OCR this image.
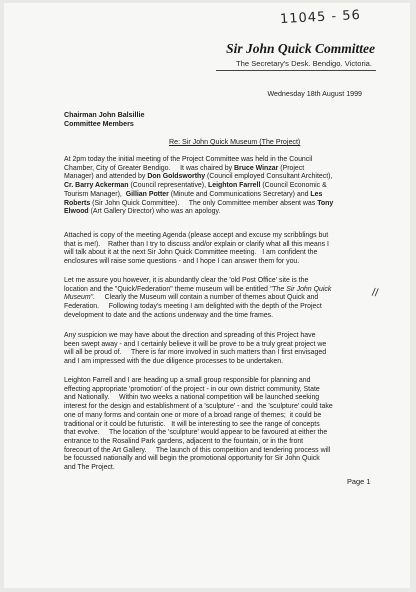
11045 - 56
Sir John Quick Committee
The Secretary's Desk. Bendigo. Victoria.
Wednesday 18th August 1999
Chairman John Balsillie
Committee Members
Re: Sir John Quick Museum (The Project)
At 2pm today the initial meeting of the Project Committee was held in the Council
Chamber, City of Greater Bendigo.     It was chaired by Bruce Winzar (Project
Manager) and attended by Don Goldsworthy (Council employed Consultant Architect),
Cr. Barry Ackerman (Council representative), Leighton Farrell (Council Economic &
Tourism Manager),  Gillian Potter (Minute and Communications Secretary) and Les
Roberts (Sir John Quick Committee).     The only Committee member absent was Tony
Elwood (Art Gallery Director) who was an apology.
Attached is copy of the meeting Agenda (please accept and excuse my scribblings but
that is me!).    Rather than I try to discuss and/or explain or clarify what all this means I
will talk about it at the next Sir John Quick Committee meeting.   I am confident the
enclosures will raise some questions - and I hope I can answer them for you.
Let me assure you however, it is abundantly clear the 'old Post Office' site is the
location and the "Quick/Federation" theme museum will be entitled "The Sir John Quick
Museum".     Clearly the Museum will contain a number of themes about Quick and
Federation.     Following today's meeting I am delighted with the depth of the Project
development to date and the actions underway and the time frames.
Any suspicion we may have about the direction and spreading of this Project have
been swept away - and I certainly believe it will be prove to be a truly great project we
will all be proud of.     There is far more involved in such matters than I first envisaged
and I am impressed with the due diligence processes to be undertaken.
Leighton Farrell and I are heading up a small group responsible for planning and
effecting appropriate 'promotion' of the project - in our own district community, State
and Nationally.     Within two weeks a national competition will be launched seeking
interest for the design and establishment of a 'sculpture' - and  the 'sculpture' could take
one of many forms and contain one or more of a broad range of themes;  it could be
traditional or it could be futuristic.   It will be interesting to see the range of concepts
that evolve.     The location of the 'sculpture' would appear to be favoured at either the
entrance to the Rosalind Park gardens, adjacent to the fountain, or in the front
forecourt of the Art Gallery.     The launch of this competition and tendering process will
be focussed nationally and will begin the promotional opportunity for Sir John Quick
and The Project.
//
Page 1
